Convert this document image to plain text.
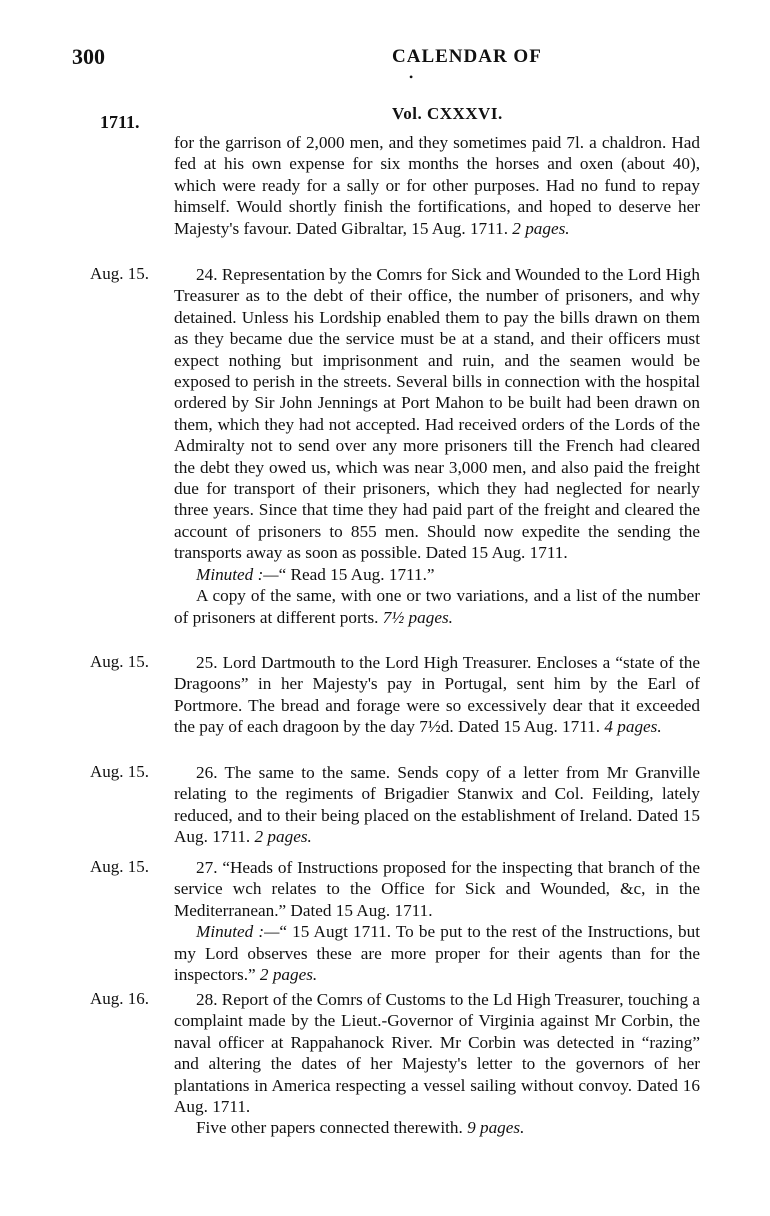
300	CALENDAR OF
•
1711.	Vol. CXXXVI.

for the garrison of 2,000 men, and they sometimes paid 7l. a chaldron. Had fed at his own expense for six months the horses and oxen (about 40), which were ready for a sally or for other purposes. Had no fund to repay himself. Would shortly finish the fortifications, and hoped to deserve her Majesty's favour. Dated Gibraltar, 15 Aug. 1711. 2 pages.

Aug. 15.	24. Representation by the Comrs for Sick and Wounded to the Lord High Treasurer as to the debt of their office, the number of prisoners, and why detained. Unless his Lordship enabled them to pay the bills drawn on them as they became due the service must be at a stand, and their officers must expect nothing but imprisonment and ruin, and the seamen would be exposed to perish in the streets. Several bills in connection with the hospital ordered by Sir John Jennings at Port Mahon to be built had been drawn on them, which they had not accepted. Had received orders of the Lords of the Admiralty not to send over any more prisoners till the French had cleared the debt they owed us, which was near 3,000 men, and also paid the freight due for transport of their prisoners, which they had neglected for nearly three years. Since that time they had paid part of the freight and cleared the account of prisoners to 855 men. Should now expedite the sending the transports away as soon as possible. Dated 15 Aug. 1711.

Minuted :—“ Read 15 Aug. 1711.”

A copy of the same, with one or two variations, and a list of the number of prisoners at different ports. 7½ pages.

Aug. 15.	25. Lord Dartmouth to the Lord High Treasurer. Encloses a “state of the Dragoons” in her Majesty's pay in Portugal, sent him by the Earl of Portmore. The bread and forage were so excessively dear that it exceeded the pay of each dragoon by the day 7½d. Dated 15 Aug. 1711. 4 pages.

Aug. 15.	26. The same to the same. Sends copy of a letter from Mr Granville relating to the regiments of Brigadier Stanwix and Col. Feilding, lately reduced, and to their being placed on the establishment of Ireland. Dated 15 Aug. 1711. 2 pages.

Aug. 15.	27. “Heads of Instructions proposed for the inspecting that branch of the service wch relates to the Office for Sick and Wounded, &c, in the Mediterranean.” Dated 15 Aug. 1711.

Minuted :—“ 15 Augt 1711. To be put to the rest of the Instructions, but my Lord observes these are more proper for their agents than for the inspectors.” 2 pages.

Aug. 16.	28. Report of the Comrs of Customs to the Ld High Treasurer, touching a complaint made by the Lieut.-Governor of Virginia against Mr Corbin, the naval officer at Rappahanock River. Mr Corbin was detected in “razing” and altering the dates of her Majesty's letter to the governors of her plantations in America respecting a vessel sailing without convoy. Dated 16 Aug. 1711.

Five other papers connected therewith. 9 pages.
